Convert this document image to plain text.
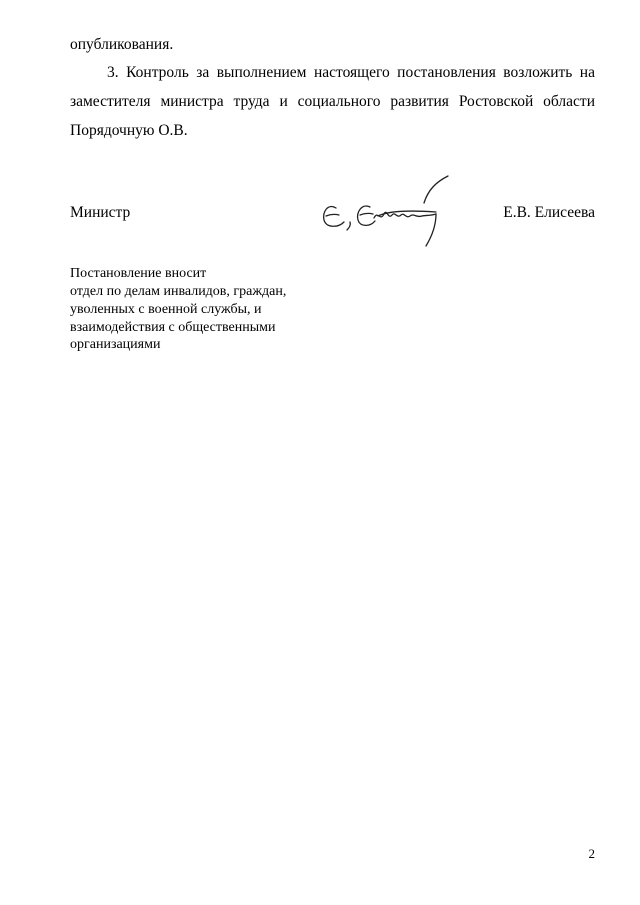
опубликования.
3. Контроль за выполнением настоящего постановления возложить на
заместителя министра труда и социального развития Ростовской области
Порядочную О.В.
Министр	Е.В. Елисеева
Постановление вносит
отдел по делам инвалидов, граждан,
уволенных с военной службы, и
взаимодействия с общественными
организациями
2
